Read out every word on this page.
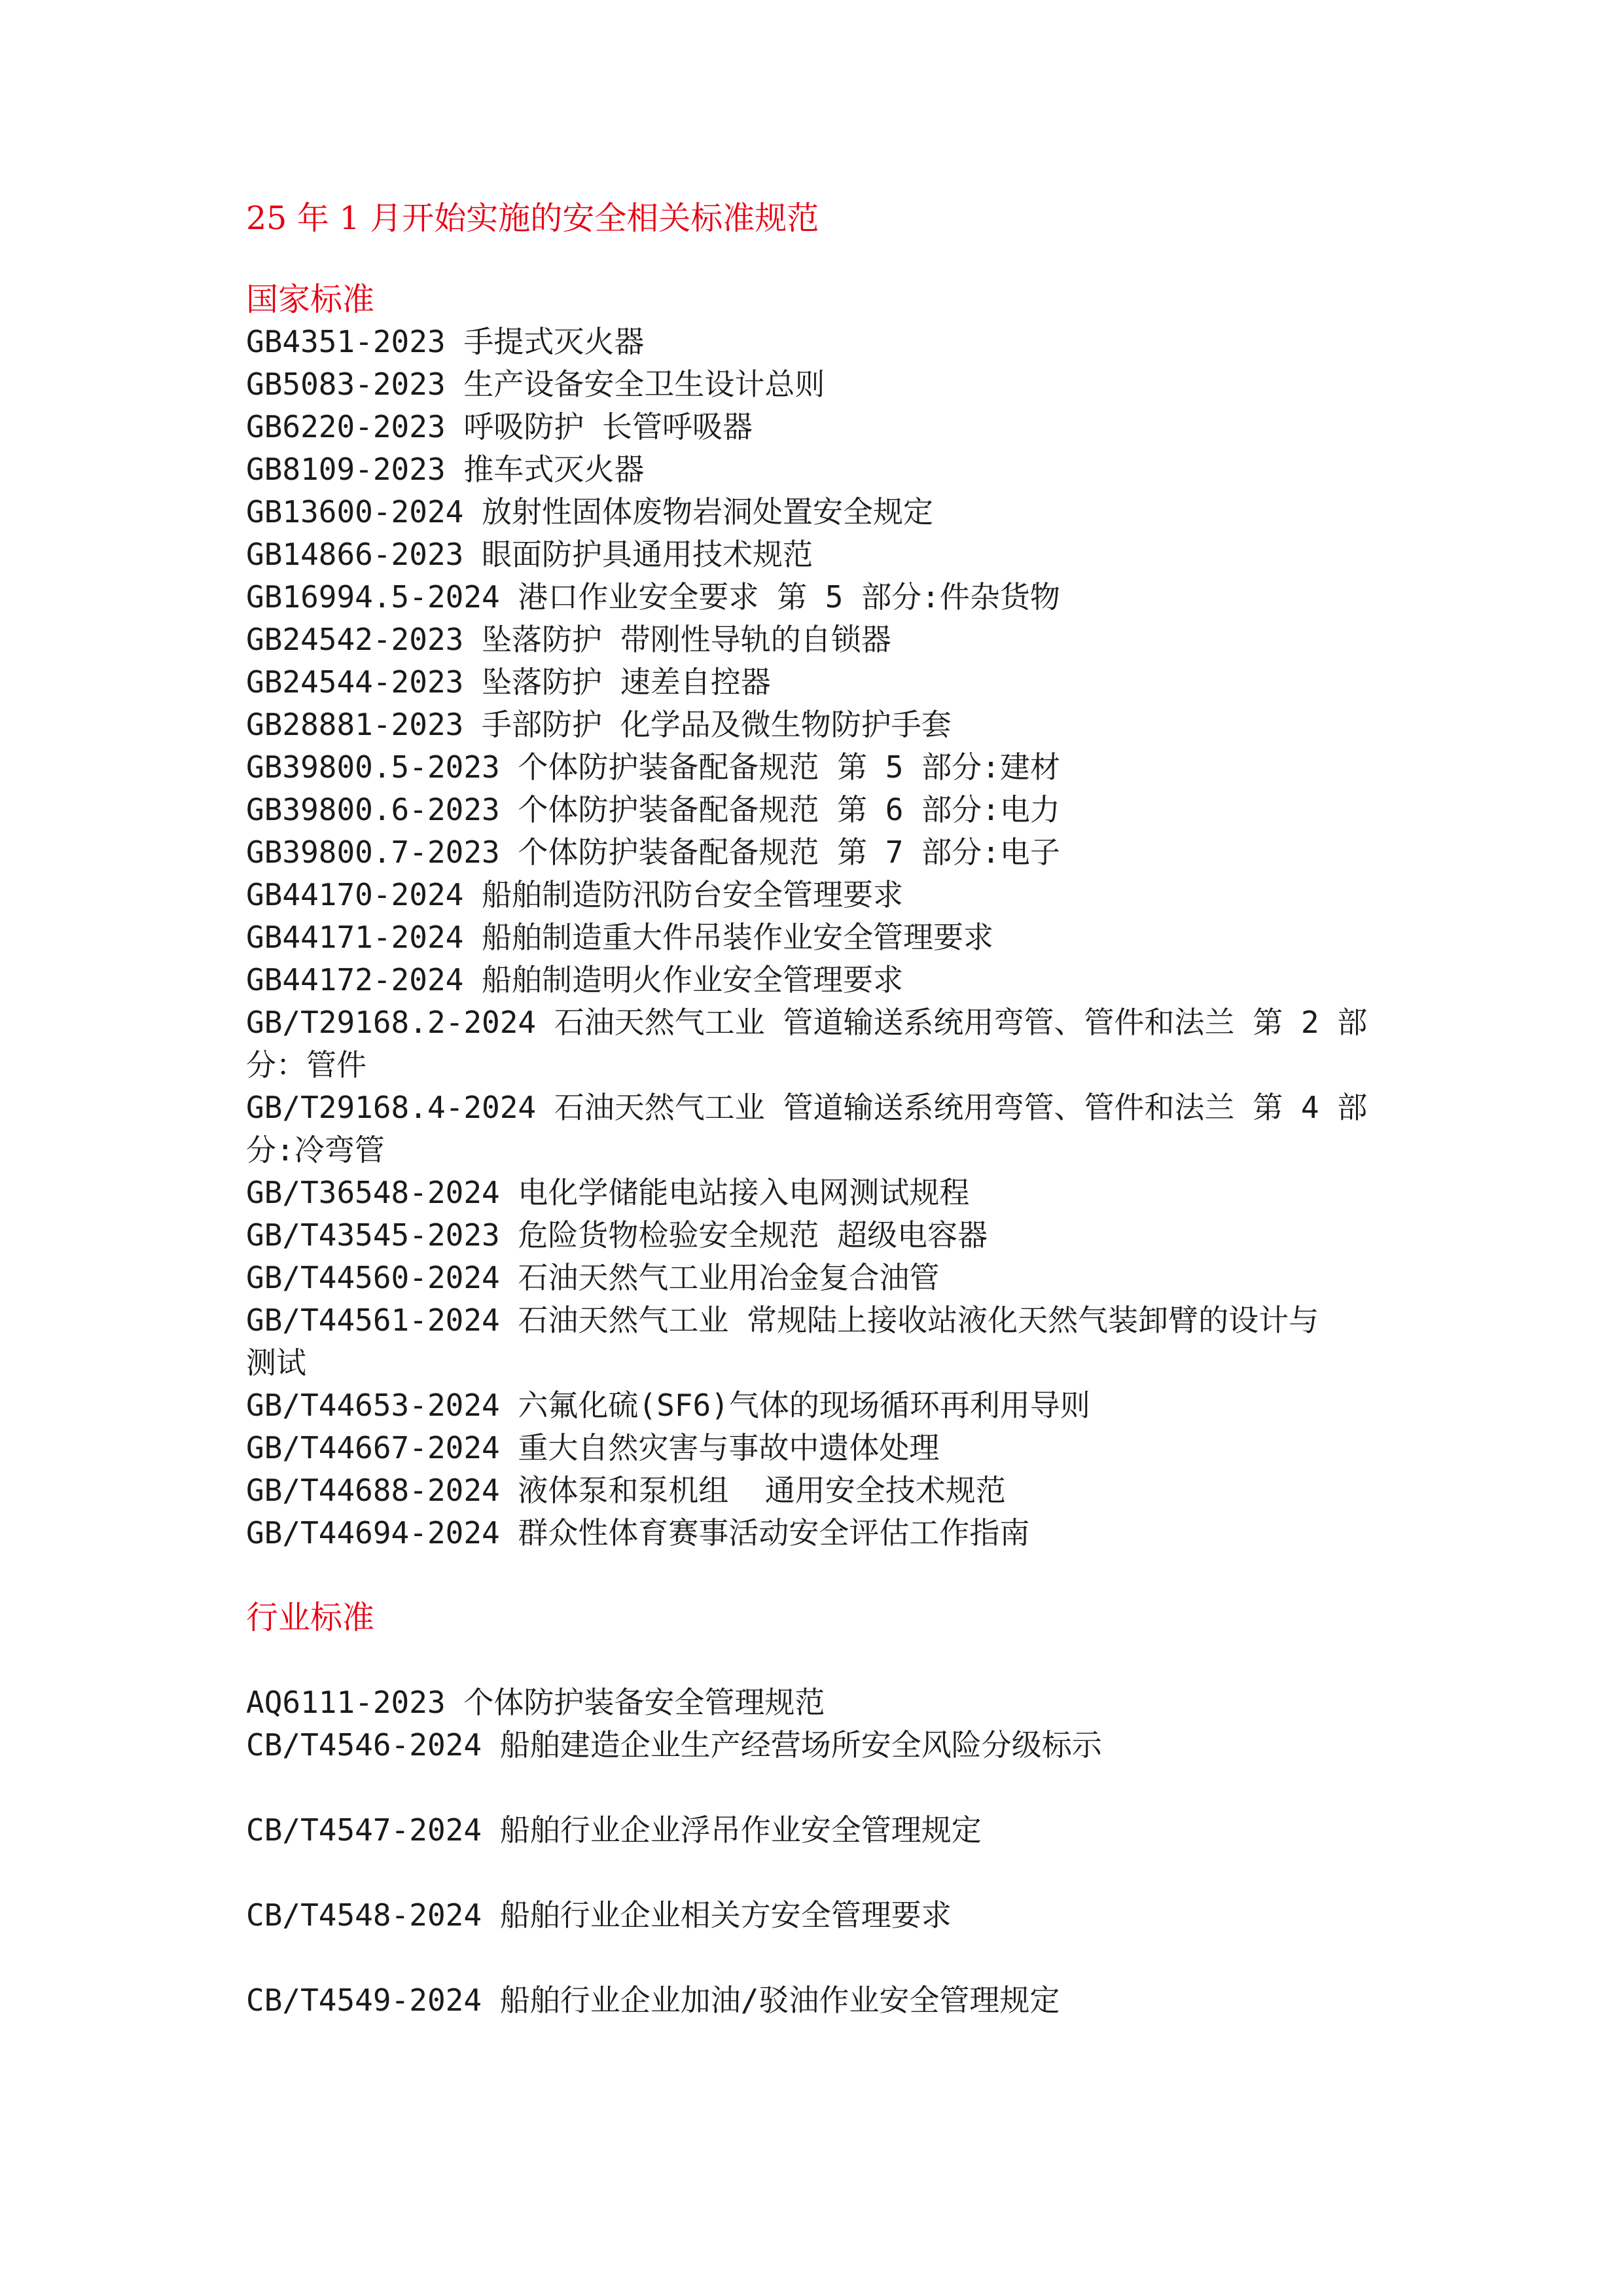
25 年 1 月开始实施的安全相关标准规范
国家标准

GB4351-2023 手提式灭火器

GB5083-2023 生产设备安全卫生设计总则

GB6220-2023 呼吸防护 长管呼吸器

GB8109-2023 推车式灭火器

GB13600-2024 放射性固体废物岩洞处置安全规定

GB14866-2023 眼面防护具通用技术规范

GB16994.5-2024 港口作业安全要求 第 5 部分:件杂货物

GB24542-2023 坠落防护 带刚性导轨的自锁器

GB24544-2023 坠落防护 速差自控器

GB28881-2023 手部防护 化学品及微生物防护手套

GB39800.5-2023 个体防护装备配备规范 第 5 部分:建材

GB39800.6-2023 个体防护装备配备规范 第 6 部分:电力

GB39800.7-2023 个体防护装备配备规范 第 7 部分:电子

GB44170-2024 船舶制造防汛防台安全管理要求

GB44171-2024 船舶制造重大件吊装作业安全管理要求

GB44172-2024 船舶制造明火作业安全管理要求

GB/T29168.2-2024 石油天然气工业 管道输送系统用弯管、管件和法兰 第 2 部

分：管件

GB/T29168.4-2024 石油天然气工业 管道输送系统用弯管、管件和法兰 第 4 部

分:冷弯管

GB/T36548-2024 电化学储能电站接入电网测试规程

GB/T43545-2023 危险货物检验安全规范 超级电容器

GB/T44560-2024 石油天然气工业用冶金复合油管

GB/T44561-2024 石油天然气工业 常规陆上接收站液化天然气装卸臂的设计与

测试

GB/T44653-2024 六氟化硫(SF6)气体的现场循环再利用导则

GB/T44667-2024 重大自然灾害与事故中遗体处理

GB/T44688-2024 液体泵和泵机组  通用安全技术规范

GB/T44694-2024 群众性体育赛事活动安全评估工作指南

行业标准

AQ6111-2023 个体防护装备安全管理规范

CB/T4546-2024 船舶建造企业生产经营场所安全风险分级标示

CB/T4547-2024 船舶行业企业浮吊作业安全管理规定

CB/T4548-2024 船舶行业企业相关方安全管理要求

CB/T4549-2024 船舶行业企业加油/驳油作业安全管理规定
